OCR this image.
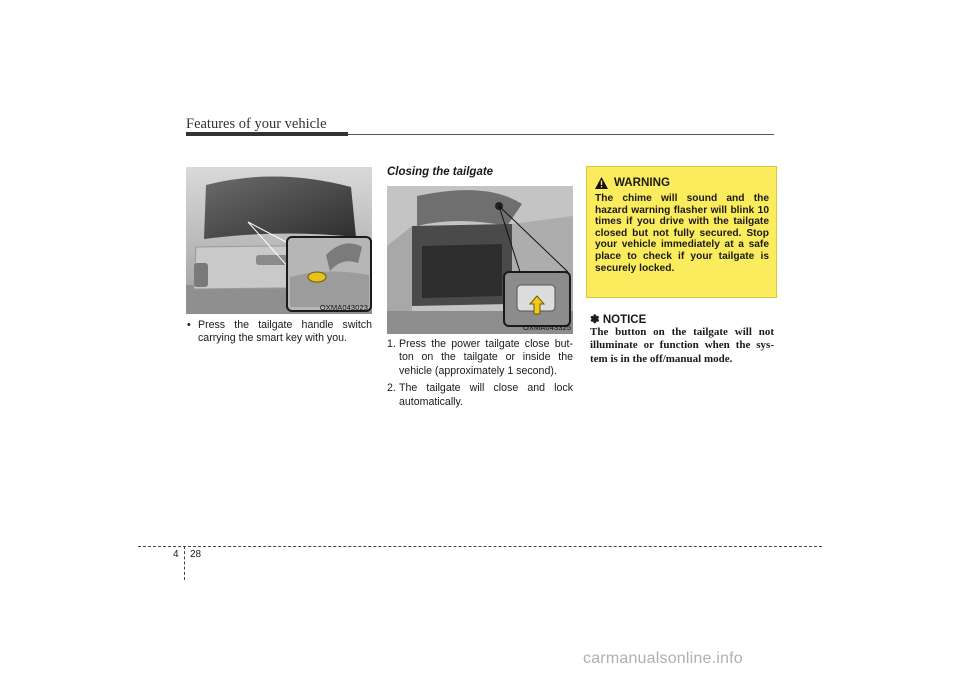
Features of your vehicle
OXMA043023
• Press the tailgate handle switch carrying the smart key with you.
Closing the tailgate
OXMA043325
1. Press the power tailgate close but- ton on the tailgate or inside the vehicle (approximately 1 second).
2. The tailgate will close and lock automatically.
WARNING
The chime will sound and the hazard warning flasher will blink 10 times if you drive with the tailgate closed but not fully secured. Stop your vehicle immediately at a safe place to check if your tailgate is securely locked.
✽ NOTICE
The button on the tailgate will not illuminate or function when the sys- tem is in the off/manual mode.
4 28
carmanualsonline.info
